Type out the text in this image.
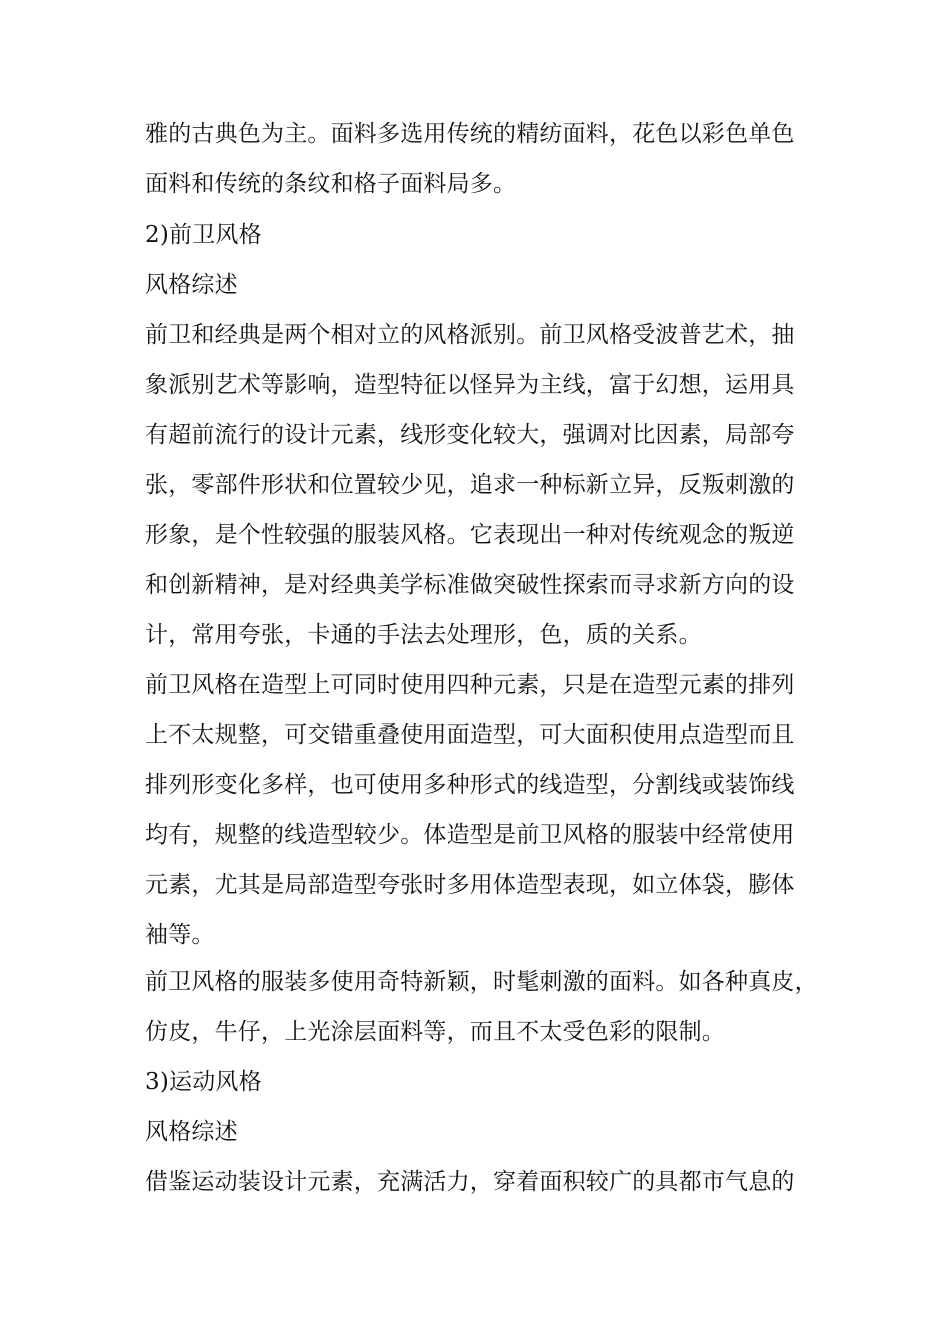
雅的古典色为主。面料多选用传统的精纺面料，花色以彩色单色
面料和传统的条纹和格子面料局多。
2)前卫风格
风格综述
前卫和经典是两个相对立的风格派别。前卫风格受波普艺术，抽
象派别艺术等影响，造型特征以怪异为主线，富于幻想，运用具
有超前流行的设计元素，线形变化较大，强调对比因素，局部夸
张，零部件形状和位置较少见，追求一种标新立异，反叛刺激的
形象，是个性较强的服装风格。它表现出一种对传统观念的叛逆
和创新精神，是对经典美学标准做突破性探索而寻求新方向的设
计，常用夸张，卡通的手法去处理形，色，质的关系。
前卫风格在造型上可同时使用四种元素，只是在造型元素的排列
上不太规整，可交错重叠使用面造型，可大面积使用点造型而且
排列形变化多样，也可使用多种形式的线造型，分割线或装饰线
均有，规整的线造型较少。体造型是前卫风格的服装中经常使用
元素，尤其是局部造型夸张时多用体造型表现，如立体袋，膨体
袖等。
前卫风格的服装多使用奇特新颖，时髦刺激的面料。如各种真皮，
仿皮，牛仔，上光涂层面料等，而且不太受色彩的限制。
3)运动风格
风格综述
借鉴运动装设计元素，充满活力，穿着面积较广的具都市气息的
